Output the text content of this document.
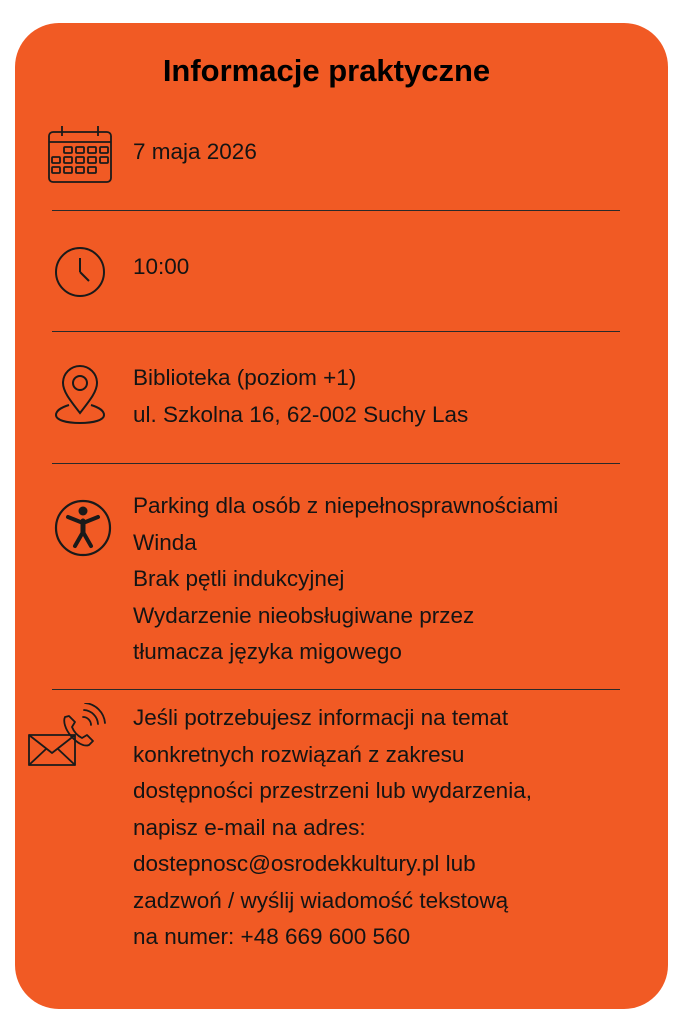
Informacje praktyczne
7 maja 2026
10:00
Biblioteka (poziom +1)
ul. Szkolna 16, 62-002 Suchy Las
Parking dla osób z niepełnosprawnościami
Winda
Brak pętli indukcyjnej
Wydarzenie nieobsługiwane przez
tłumacza języka migowego
Jeśli potrzebujesz informacji na temat
konkretnych rozwiązań z zakresu
dostępności przestrzeni lub wydarzenia,
napisz e-mail na adres:
dostepnosc@osrodekkultury.pl lub
zadzwoń / wyślij wiadomość tekstową
na numer: +48 669 600 560
